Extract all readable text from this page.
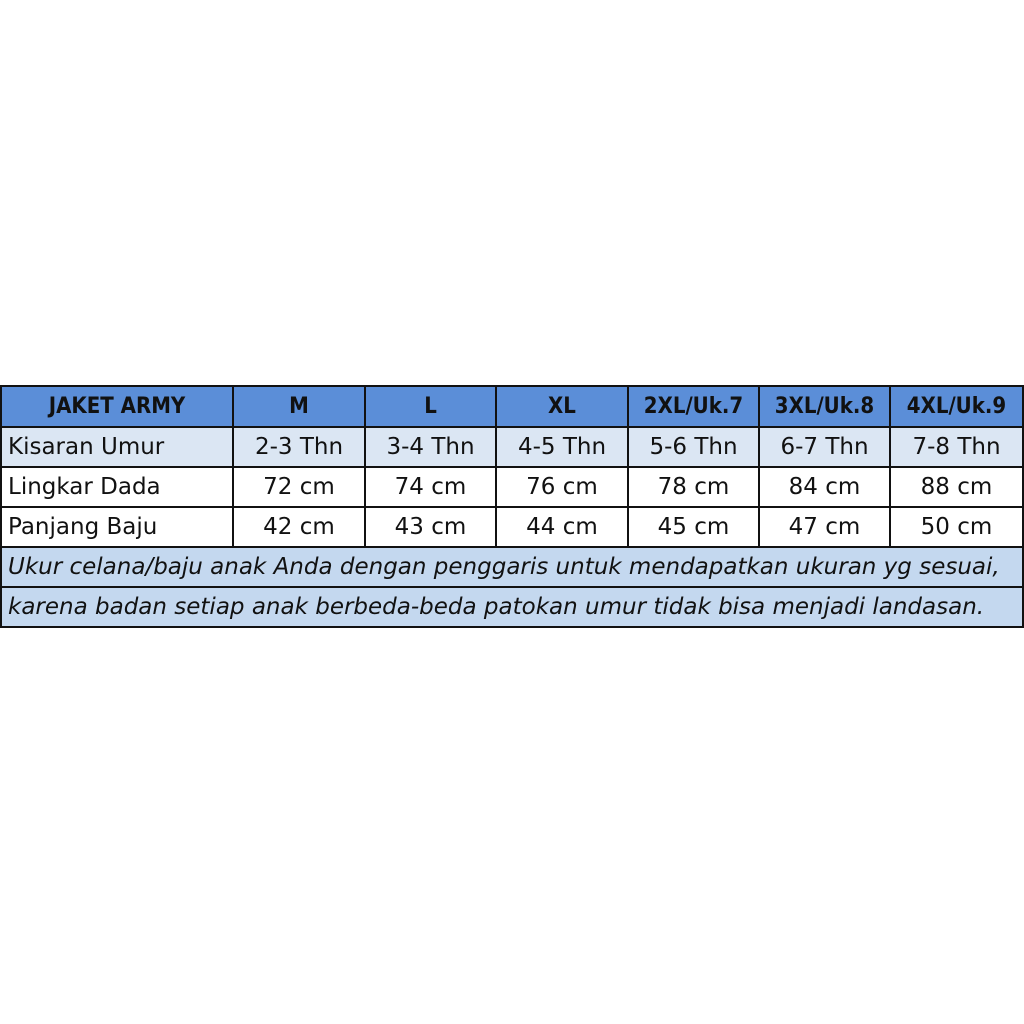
JAKET ARMY	M	L	XL	2XL/Uk.7	3XL/Uk.8	4XL/Uk.9
Kisaran Umur	2-3 Thn	3-4 Thn	4-5 Thn	5-6 Thn	6-7 Thn	7-8 Thn
Lingkar Dada	72 cm	74 cm	76 cm	78 cm	84 cm	88 cm
Panjang Baju	42 cm	43 cm	44 cm	45 cm	47 cm	50 cm
Ukur celana/baju anak Anda dengan penggaris untuk mendapatkan ukuran yg sesuai,						
karena badan setiap anak berbeda-beda patokan umur tidak bisa menjadi landasan.						
